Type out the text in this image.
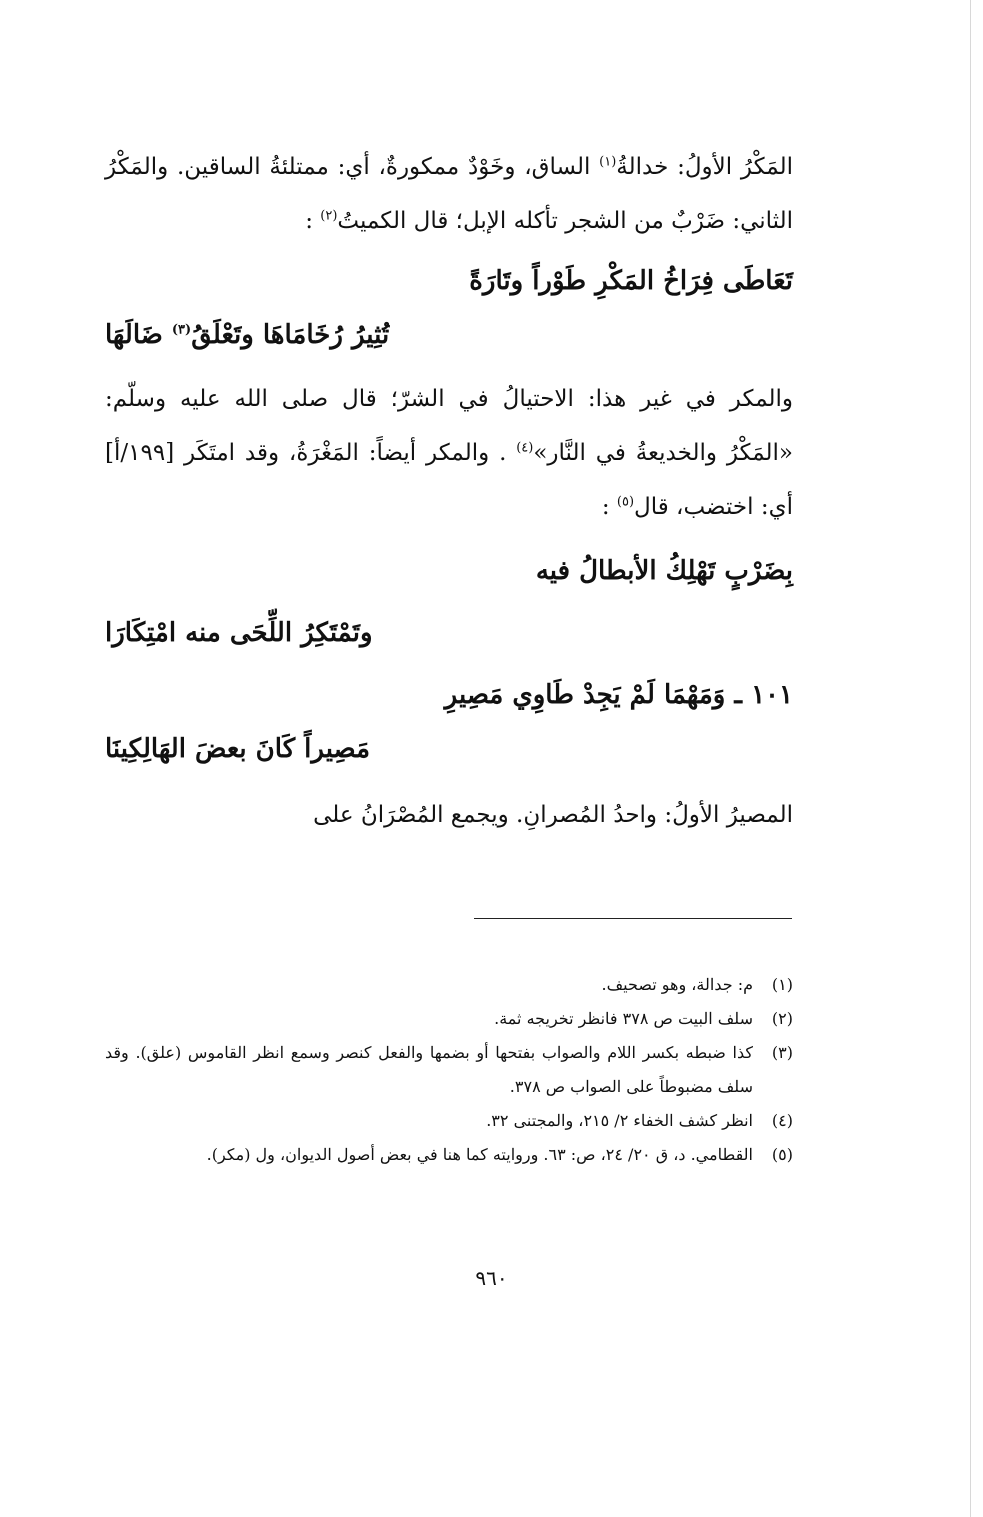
المَكْرُ الأولُ: خدالةُ$^{(١)}$ الساق، وخَوْدٌ ممكورةٌ، أي: ممتلئةُ الساقين. والمَكْرُ الثاني: ضَرْبٌ من الشجر تأكله الإبل؛ قال الكميتُ$^{(٢)}$ :

تَعَاطَى فِرَاخُ المَكْرِ طَوْراً وتَارَةً

تُثِيرُ رُخَامَاهَا وتَعْلَقُ$^{(٣)}$ ضَالَهَا

والمكر في غير هذا: الاحتيالُ في الشرّ؛ قال صلى الله عليه وسلّم: «المَكْرُ والخديعةُ في النَّار»$^{(٤)}$ . والمكر أيضاً: المَغْرَةُ، وقد امتَكَر [١٩٩/أ] أي: اختضب، قال$^{(٥)}$ :

بِضَرْبٍ تَهْلِكُ الأبطالُ فيه

وتَمْتَكِرُ اللِّحَى منه امْتِكَارَا

١٠١ ـ وَمَهْمَا لَمْ يَجِدْ طَاوِي مَصِيرِ

مَصِيراً كَانَ بعضَ الهَالِكِينَا

المصيرُ الأولُ: واحدُ المُصرانِ. ويجمع المُصْرَانُ على

(١)
م: جدالة، وهو تصحيف.
(٢)
سلف البيت ص ٣٧٨ فانظر تخريجه ثمة.
(٣)
كذا ضبطه بكسر اللام والصواب بفتحها أو بضمها والفعل كنصر وسمع انظر القاموس (علق). وقد سلف مضبوطاً على الصواب ص ٣٧٨.
(٤)
انظر كشف الخفاء ٢/ ٢١٥، والمجتنى ٣٢.
(٥)
القطامي. د، ق ٢٠/ ٢٤، ص: ٦٣. وروايته كما هنا في بعض أصول الديوان، ول (مكر).
٩٦٠
